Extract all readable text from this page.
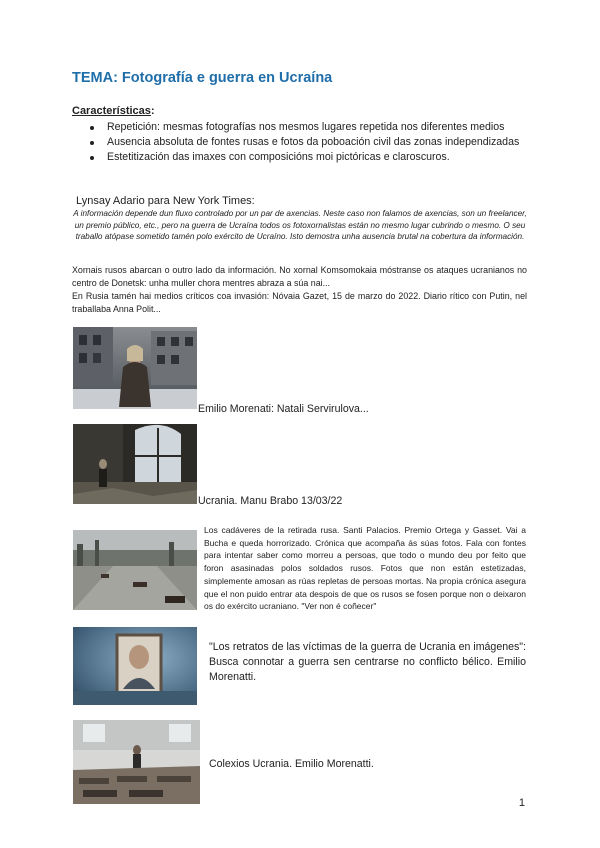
TEMA: Fotografía e guerra en Ucraína
Características:
Repetición: mesmas fotografías nos mesmos lugares repetida nos diferentes medios
Ausencia absoluta de fontes rusas e fotos da poboación civil das zonas independizadas
Estetitización das imaxes con composicións moi pictóricas e claroscuros.
Lynsay Adario para New York Times:
A información depende dun fluxo controlado por un par de axencias. Neste caso non falamos de axencias, son un freelancer, un premio público, etc., pero na guerra de Ucraína todos os fotoxornalistas están no mesmo lugar cubrindo o mesmo. O seu traballo atópase sometido tamén polo exército de Ucraíno. Isto demostra unha ausencia brutal na cobertura da información.
Xornais rusos abarcan o outro lado da información. No xornal Komsomokaia móstranse os ataques ucranianos no centro de Donetsk: unha muller chora mentres abraza a súa nai...
En Rusia tamén hai medios críticos coa invasión: Nóvaia Gazet, 15 de marzo do 2022. Diario rítico con Putin, nel traballaba Anna Polit...
Emilio Morenati: Natali Servirulova...
Ucrania. Manu Brabo 13/03/22
Los cadáveres de la retirada rusa. Santi Palacios. Premio Ortega y Gasset. Vai a Bucha e queda horrorizado. Crónica que acompaña ás súas fotos. Fala con fontes para intentar saber como morreu a persoas, que todo o mundo deu por feito que foron asasinadas polos soldados rusos. Fotos que non están estetizadas, simplemente amosan as rúas repletas de persoas mortas. Na propia crónica asegura que el non puido entrar ata despois de que os rusos se fosen porque non o deixaron os do exército ucraniano. "Ver non é coñecer"
"Los retratos de las víctimas de la guerra de Ucrania en imágenes": Busca connotar a guerra sen centrarse no conflicto bélico. Emilio Morenatti.
Colexios Ucrania. Emilio Morenatti.
1
